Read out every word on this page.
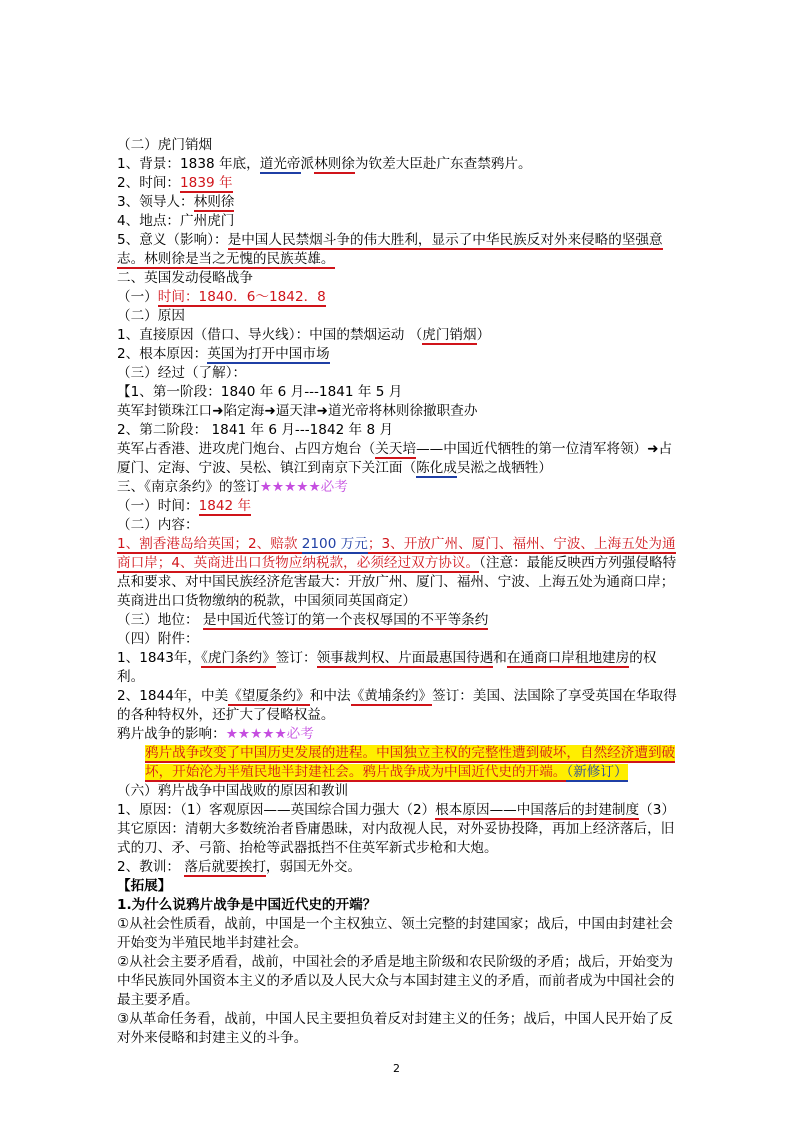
（二）虎门销烟
1、背景：1838 年底，道光帝派林则徐为钦差大臣赴广东查禁鸦片。
2、时间：1839 年
3、领导人：林则徐
4、地点：广州虎门
5、意义（影响）：是中国人民禁烟斗争的伟大胜利，显示了中华民族反对外来侵略的坚强意志。林则徐是当之无愧的民族英雄。
二、英国发动侵略战争
（一）时间：1840．6～1842．8
（二）原因
1、直接原因（借口、导火线）：中国的禁烟运动 （虎门销烟）
2、根本原因：英国为打开中国市场
（三）经过（了解）：
【1、第一阶段：1840 年 6 月---1841 年 5 月
英军封锁珠江口➜陷定海➜逼天津➜道光帝将林则徐撤职查办
2、第二阶段： 1841 年 6 月---1842 年 8 月
英军占香港、进攻虎门炮台、占四方炮台（关天培——中国近代牺牲的第一位清军将领）➜占厦门、定海、宁波、吴松、镇江到南京下关江面（陈化成吴淞之战牺牲）
三、《南京条约》的签订★★★★★必考
（一）时间：1842 年
（二）内容：
1、割香港岛给英国；2、赔款 2100 万元；3、开放广州、厦门、福州、宁波、上海五处为通商口岸；4、英商进出口货物应纳税款，必须经过双方协议。（注意：最能反映西方列强侵略特点和要求、对中国民族经济危害最大：开放广州、厦门、福州、宁波、上海五处为通商口岸；英商进出口货物缴纳的税款，中国须同英国商定）
（三）地位： 是中国近代签订的第一个丧权辱国的不平等条约
（四）附件：
1、1843年，《虎门条约》签订：领事裁判权、片面最惠国待遇和在通商口岸租地建房的权利。
2、1844年，中美《望厦条约》和中法《黄埔条约》签订：美国、法国除了享受英国在华取得的各种特权外，还扩大了侵略权益。
鸦片战争的影响：★★★★★必考
鸦片战争改变了中国历史发展的进程。中国独立主权的完整性遭到破坏，自然经济遭到破坏，开始沦为半殖民地半封建社会。鸦片战争成为中国近代史的开端。（新修订）
（六）鸦片战争中国战败的原因和教训
1、原因：（1）客观原因——英国综合国力强大（2）根本原因——中国落后的封建制度（3）其它原因：清朝大多数统治者昏庸愚昧，对内敌视人民，对外妥协投降，再加上经济落后，旧式的刀、矛、弓箭、抬枪等武器抵挡不住英军新式步枪和大炮。
2、教训： 落后就要挨打，弱国无外交。
【拓展】
1.为什么说鸦片战争是中国近代史的开端？
①从社会性质看，战前，中国是一个主权独立、领土完整的封建国家；战后，中国由封建社会开始变为半殖民地半封建社会。
②从社会主要矛盾看，战前，中国社会的矛盾是地主阶级和农民阶级的矛盾；战后，开始变为中华民族同外国资本主义的矛盾以及人民大众与本国封建主义的矛盾，而前者成为中国社会的最主要矛盾。
③从革命任务看，战前，中国人民主要担负着反对封建主义的任务；战后，中国人民开始了反对外来侵略和封建主义的斗争。
2
